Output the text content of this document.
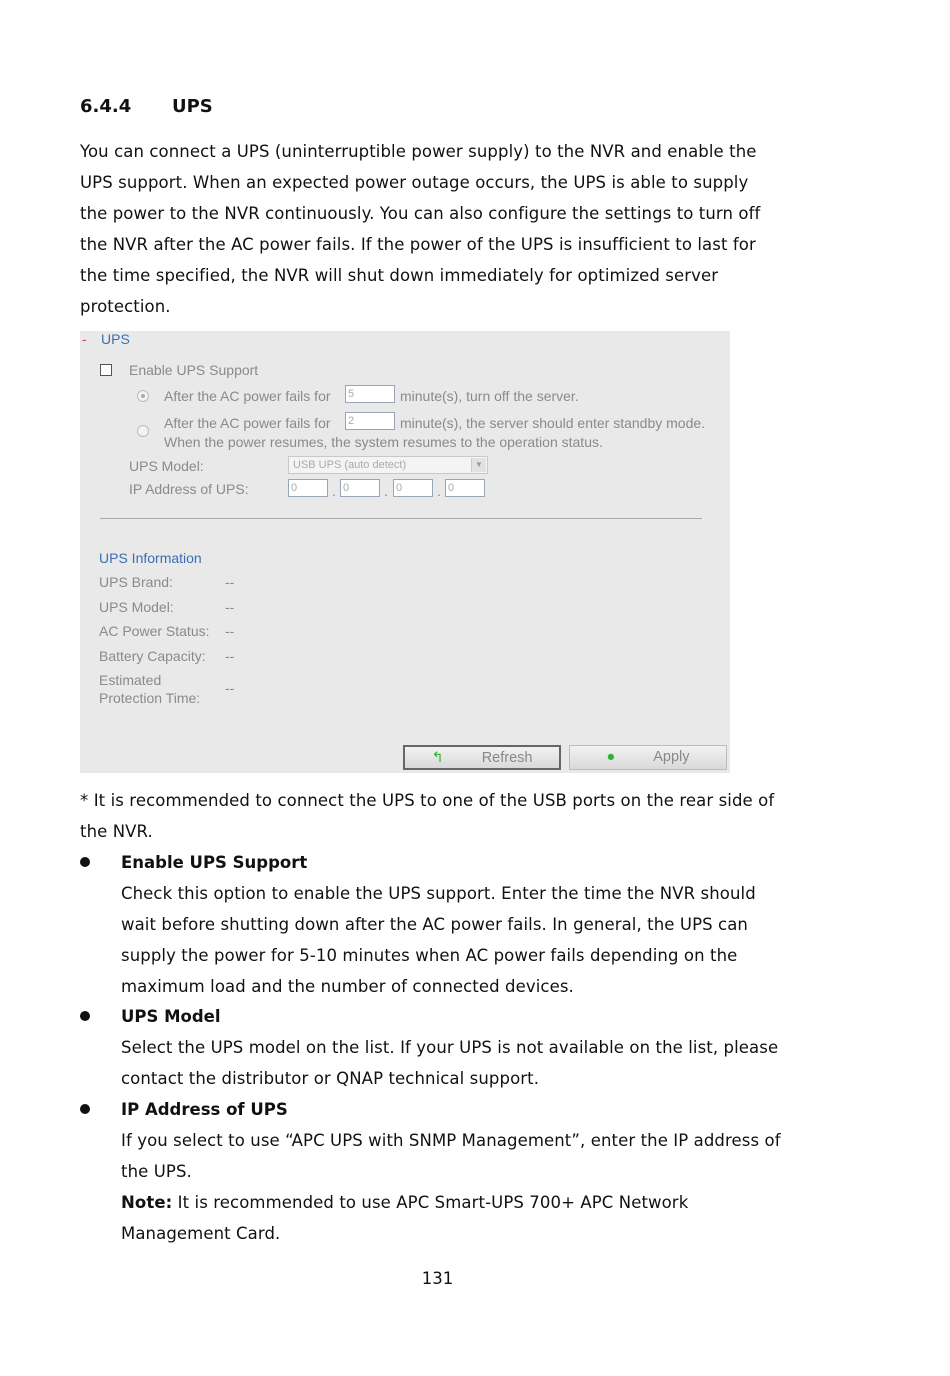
6.4.4 UPS

You can connect a UPS (uninterruptible power supply) to the NVR and enable the

UPS support. When an expected power outage occurs, the UPS is able to supply

the power to the NVR continuously. You can also configure the settings to turn off

the NVR after the AC power fails. If the power of the UPS is insufficient to last for

the time specified, the NVR will shut down immediately for optimized server

protection.

- UPS
Enable UPS Support
After the AC power fails for 5	minute(s), turn off the server.
After the AC power fails for 2	minute(s), the server should enter standby mode.
When the power resumes, the system resumes to the operation status.
UPS Model:	USB UPS (auto detect)	▼
IP Address of UPS:	0	. 0	. 0	. 0
UPS Information
UPS Brand:	--
UPS Model:	--
AC Power Status: --
Battery Capacity: --
Estimated
Protection Time:
--
↰	Refresh	●	Apply

* It is recommended to connect the UPS to one of the USB ports on the rear side of

the NVR.

Enable UPS Support

Check this option to enable the UPS support. Enter the time the NVR should

wait before shutting down after the AC power fails. In general, the UPS can

supply the power for 5-10 minutes when AC power fails depending on the

maximum load and the number of connected devices.

UPS Model

Select the UPS model on the list. If your UPS is not available on the list, please

contact the distributor or QNAP technical support.

IP Address of UPS

If you select to use “APC UPS with SNMP Management”, enter the IP address of

the UPS.

Note: It is recommended to use APC Smart-UPS 700+ APC Network

Management Card.

131
